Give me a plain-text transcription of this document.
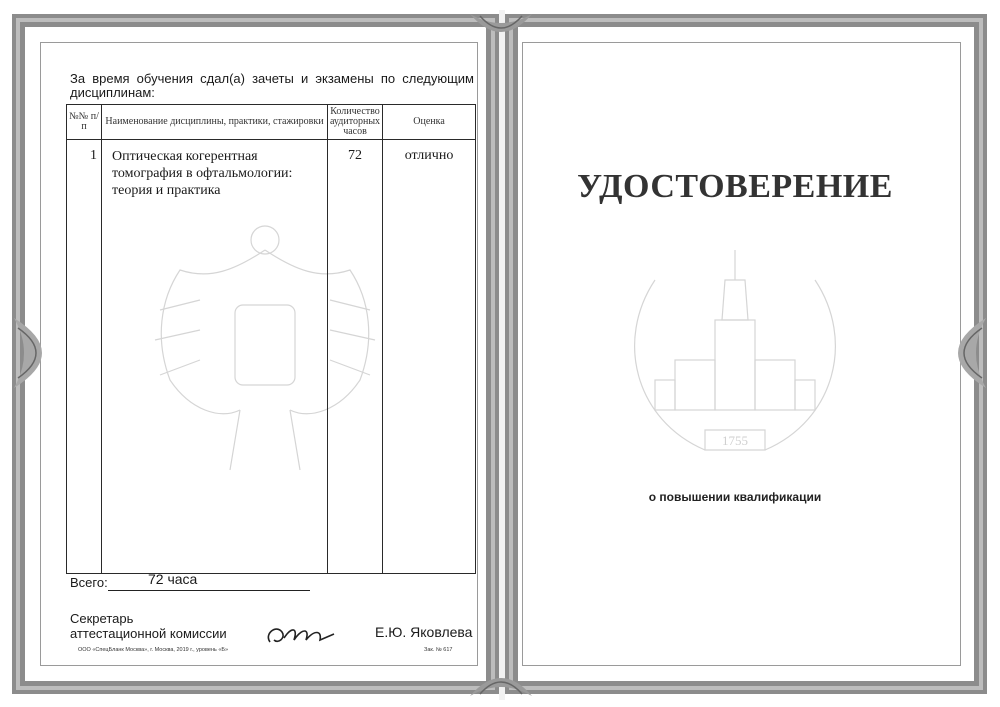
За время обучения сдал(а) зачеты и экзамены по следующим дисциплинам:
№№ п/п	Наименование дисциплины, практики, стажировки	Количество аудиторных часов	Оценка
1	Оптическая когерентная томография в офтальмологии: теория и практика	72	отлично
Всего:	72 часа
Секретарь
аттестационной комиссии	Е.Ю. Яковлева
ООО «СпецБланк Москва», г. Москва, 2019 г., уровень «Б»	Зак. № 617
УДОСТОВЕРЕНИЕ
1755
о повышении квалификации
